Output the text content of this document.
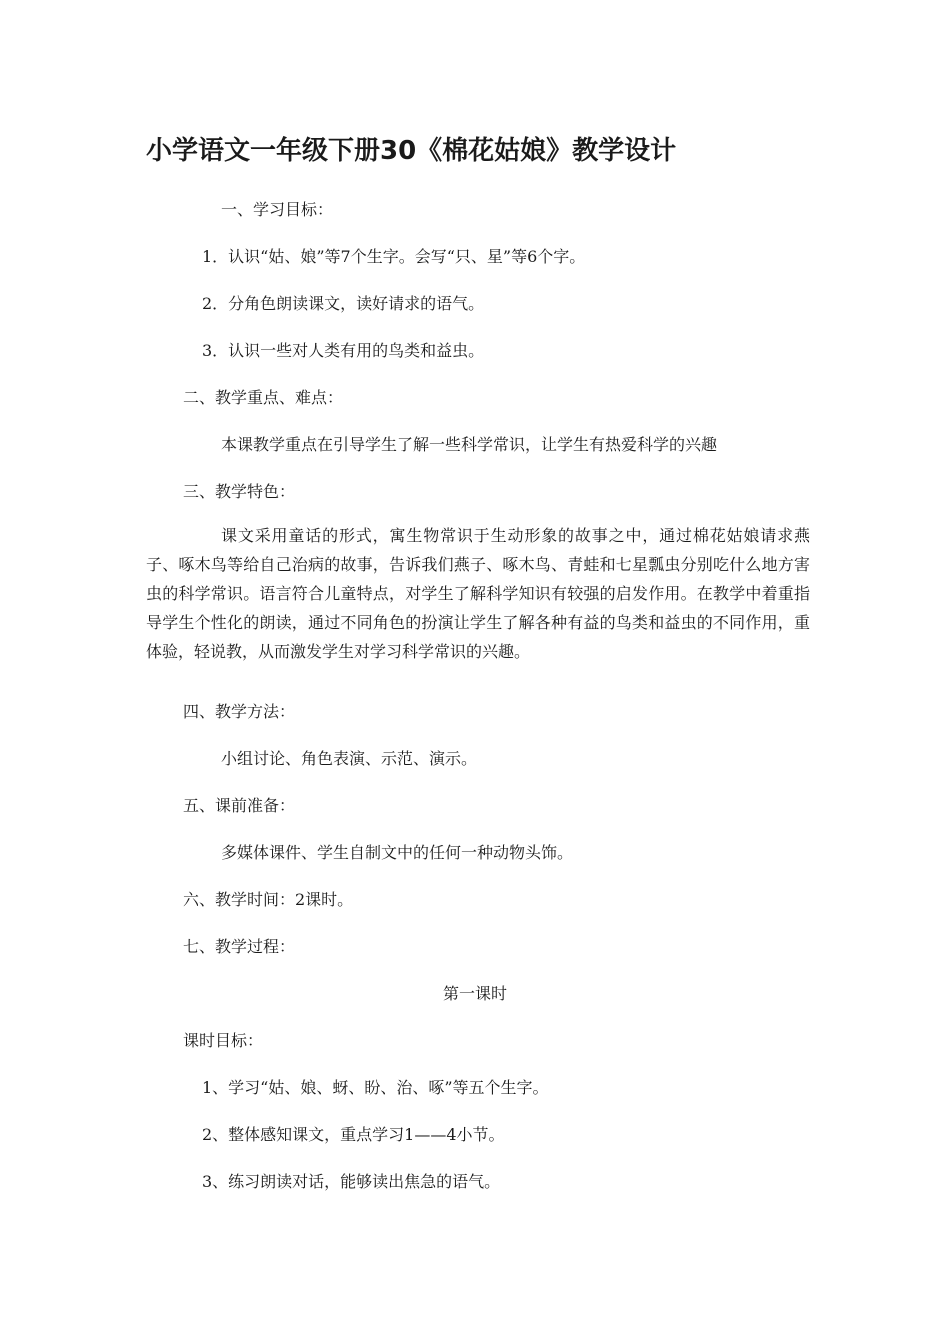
小学语文一年级下册30《棉花姑娘》教学设计
一、学习目标：
1．认识“姑、娘”等7个生字。会写“只、星”等6个字。
2．分角色朗读课文，读好请求的语气。
3．认识一些对人类有用的鸟类和益虫。
二、教学重点、难点：
本课教学重点在引导学生了解一些科学常识，让学生有热爱科学的兴趣
三、教学特色：
课文采用童话的形式，寓生物常识于生动形象的故事之中，通过棉花姑娘请求燕子、啄木鸟等给自己治病的故事，告诉我们燕子、啄木鸟、青蛙和七星瓢虫分别吃什么地方害虫的科学常识。语言符合儿童特点，对学生了解科学知识有较强的启发作用。在教学中着重指导学生个性化的朗读，通过不同角色的扮演让学生了解各种有益的鸟类和益虫的不同作用，重体验，轻说教，从而激发学生对学习科学常识的兴趣。
四、教学方法：
小组讨论、角色表演、示范、演示。
五、课前准备：
多媒体课件、学生自制文中的任何一种动物头饰。
六、教学时间：2课时。
七、教学过程：
第一课时
课时目标：
1、学习“姑、娘、蚜、盼、治、啄”等五个生字。
2、整体感知课文，重点学习1——4小节。
3、练习朗读对话，能够读出焦急的语气。
